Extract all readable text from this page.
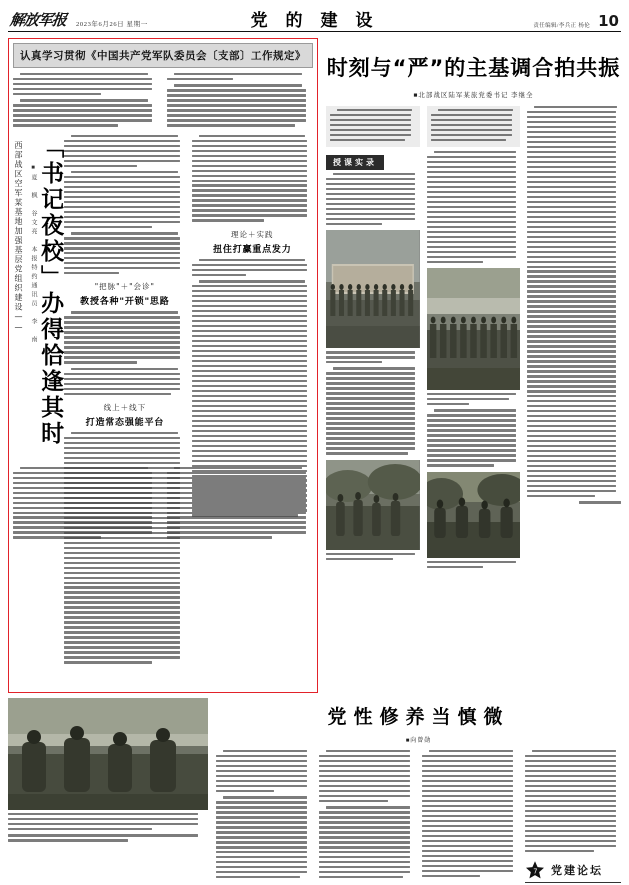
解放军报 2023年6月26日 星期一	党 的 建 设	责任编辑/李兵正 杨伦 10
认真学习贯彻《中国共产党军队委员会〔支部〕工作规定》
"把脉"＋"会诊"
教授各种"开锁"思路
线上＋线下
打造常态强能平台
理论＋实践
扭住打赢重点发力
「书记夜校」办得恰逢其时
■夏 枫 谷文亮 本报特约通讯员 李 南
西部战区空军某基地加强基层党组织建设——
时刻与“严”的主基调合拍共振
■北部战区陆军某旅党委书记 李继全
授课实录
党性修养当慎微
■向曾勋
7 党建论坛
